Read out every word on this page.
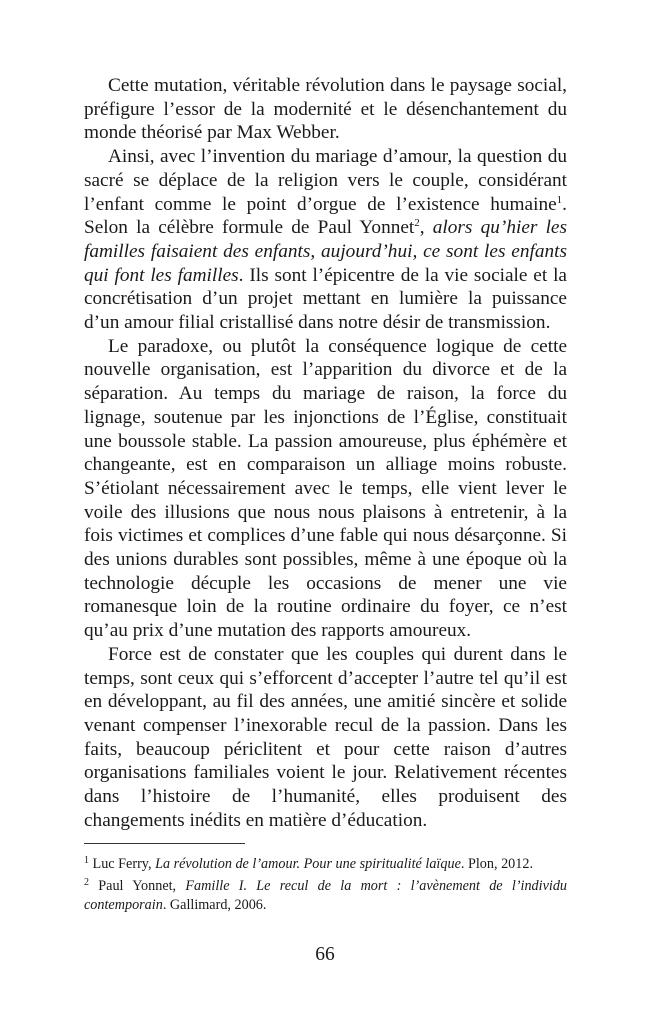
Cette mutation, véritable révolution dans le paysage social, préfigure l’essor de la modernité et le désenchantement du monde théorisé par Max Webber.

Ainsi, avec l’invention du mariage d’amour, la question du sacré se déplace de la religion vers le couple, considérant l’enfant comme le point d’orgue de l’existence humaine$^1$. Selon la célèbre formule de Paul Yonnet$^2$, alors qu’hier les familles faisaient des enfants, aujourd’hui, ce sont les enfants qui font les familles. Ils sont l’épicentre de la vie sociale et la concrétisation d’un projet mettant en lumière la puissance d’un amour filial cristallisé dans notre désir de transmission.

Le paradoxe, ou plutôt la conséquence logique de cette nouvelle organisation, est l’apparition du divorce et de la séparation. Au temps du mariage de raison, la force du lignage, soutenue par les injonctions de l’Église, constituait une boussole stable. La passion amoureuse, plus éphémère et changeante, est en comparaison un alliage moins robuste. S’étiolant nécessairement avec le temps, elle vient lever le voile des illusions que nous nous plaisons à entretenir, à la fois victimes et complices d’une fable qui nous désarçonne. Si des unions durables sont possibles, même à une époque où la technologie décuple les occasions de mener une vie romanesque loin de la routine ordinaire du foyer, ce n’est qu’au prix d’une mutation des rapports amoureux.

Force est de constater que les couples qui durent dans le temps, sont ceux qui s’efforcent d’accepter l’autre tel qu’il est en développant, au fil des années, une amitié sincère et solide venant compenser l’inexorable recul de la passion. Dans les faits, beaucoup périclitent et pour cette raison d’autres organisations familiales voient le jour. Relativement récentes dans l’histoire de l’humanité, elles produisent des changements inédits en matière d’éducation.

$^1$ Luc Ferry, La révolution de l’amour. Pour une spiritualité laïque. Plon, 2012.

$^2$ Paul Yonnet, Famille I. Le recul de la mort : l’avènement de l’individu contemporain. Gallimard, 2006.

66
